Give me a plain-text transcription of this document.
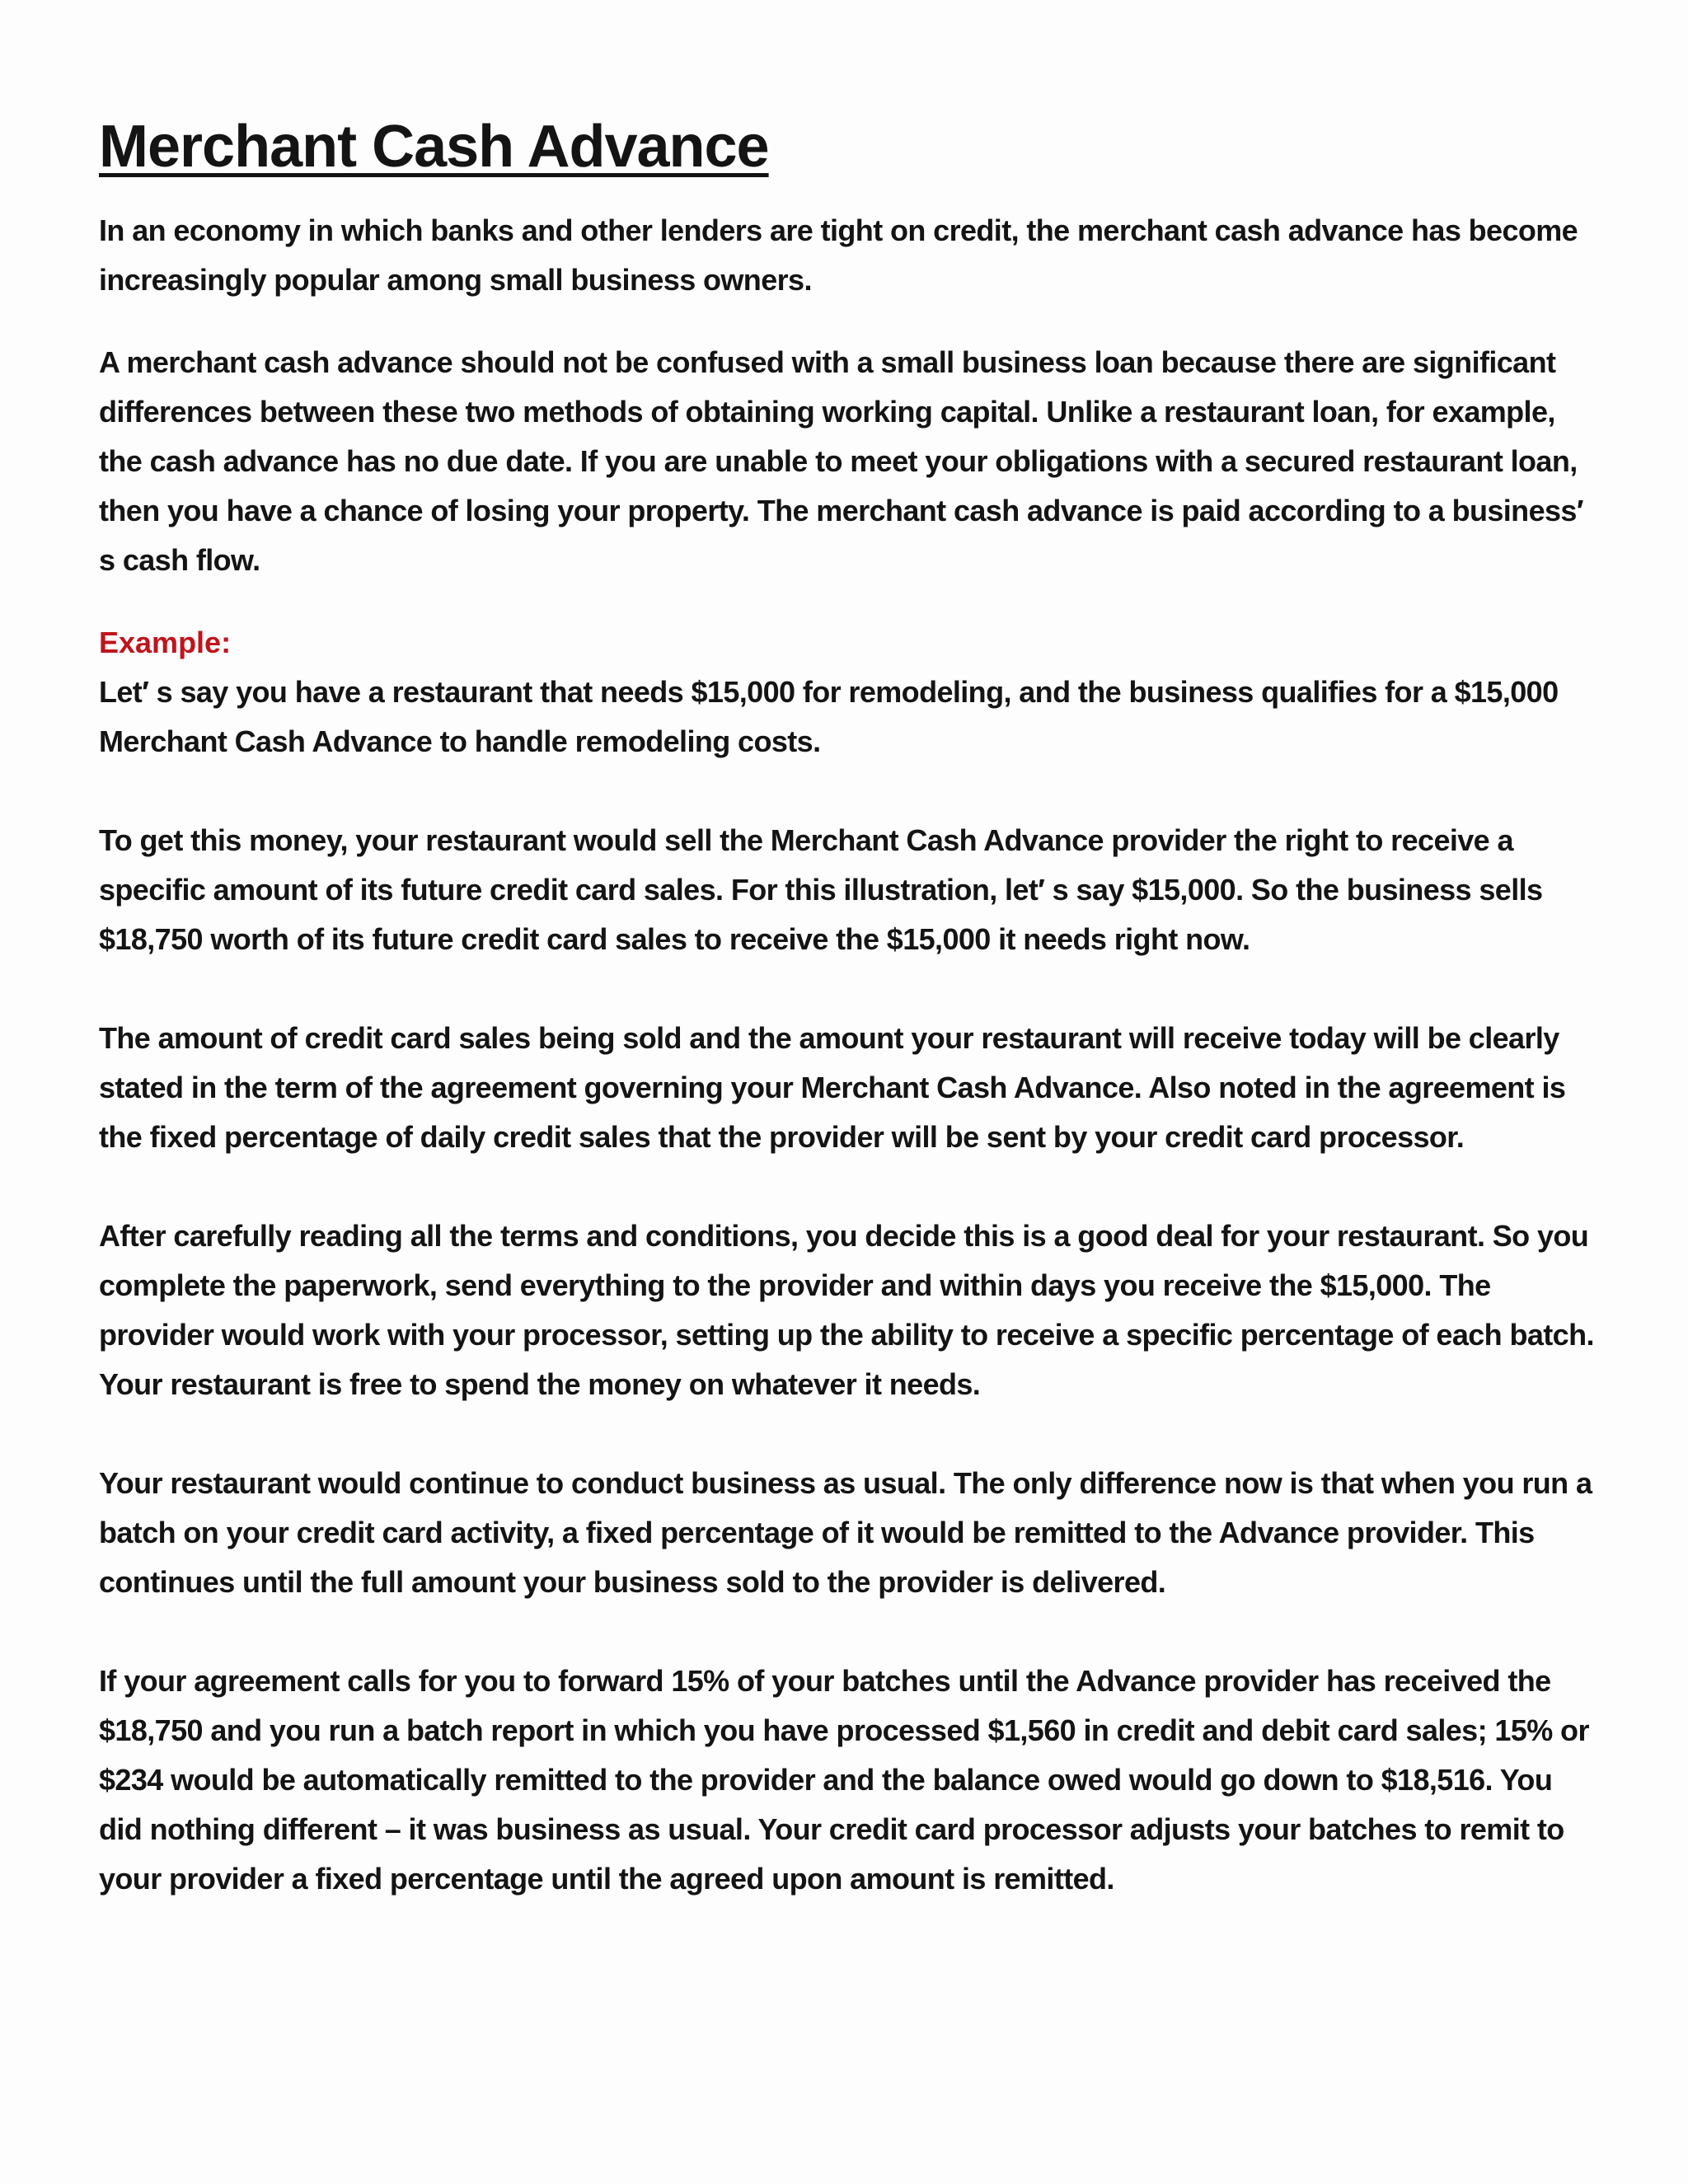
Merchant Cash Advance

In an economy in which banks and other lenders are tight on credit, the merchant cash advance has become increasingly popular among small business owners.

A merchant cash advance should not be confused with a small business loan because there are significant differences between these two methods of obtaining working capital. Unlike a restaurant loan, for example, the cash advance has no due date. If you are unable to meet your obligations with a secured restaurant loan, then you have a chance of losing your property. The merchant cash advance is paid according to a business′ s cash flow.

Example:

Let′ s say you have a restaurant that needs $15,000 for remodeling, and the business qualifies for a $15,000 Merchant Cash Advance to handle remodeling costs.

To get this money, your restaurant would sell the Merchant Cash Advance provider the right to receive a specific amount of its future credit card sales. For this illustration, let′ s say $15,000. So the business sells $18,750 worth of its future credit card sales to receive the $15,000 it needs right now.

The amount of credit card sales being sold and the amount your restaurant will receive today will be clearly stated in the term of the agreement governing your Merchant Cash Advance. Also noted in the agreement is the fixed percentage of daily credit sales that the provider will be sent by your credit card processor.

After carefully reading all the terms and conditions, you decide this is a good deal for your restaurant. So you complete the paperwork, send everything to the provider and within days you receive the $15,000. The provider would work with your processor, setting up the ability to receive a specific percentage of each batch. Your restaurant is free to spend the money on whatever it needs.

Your restaurant would continue to conduct business as usual. The only difference now is that when you run a batch on your credit card activity, a fixed percentage of it would be remitted to the Advance provider. This continues until the full amount your business sold to the provider is delivered.

If your agreement calls for you to forward 15% of your batches until the Advance provider has received the $18,750 and you run a batch report in which you have processed $1,560 in credit and debit card sales; 15% or $234 would be automatically remitted to the provider and the balance owed would go down to $18,516. You did nothing different – it was business as usual. Your credit card processor adjusts your batches to remit to your provider a fixed percentage until the agreed upon amount is remitted.
